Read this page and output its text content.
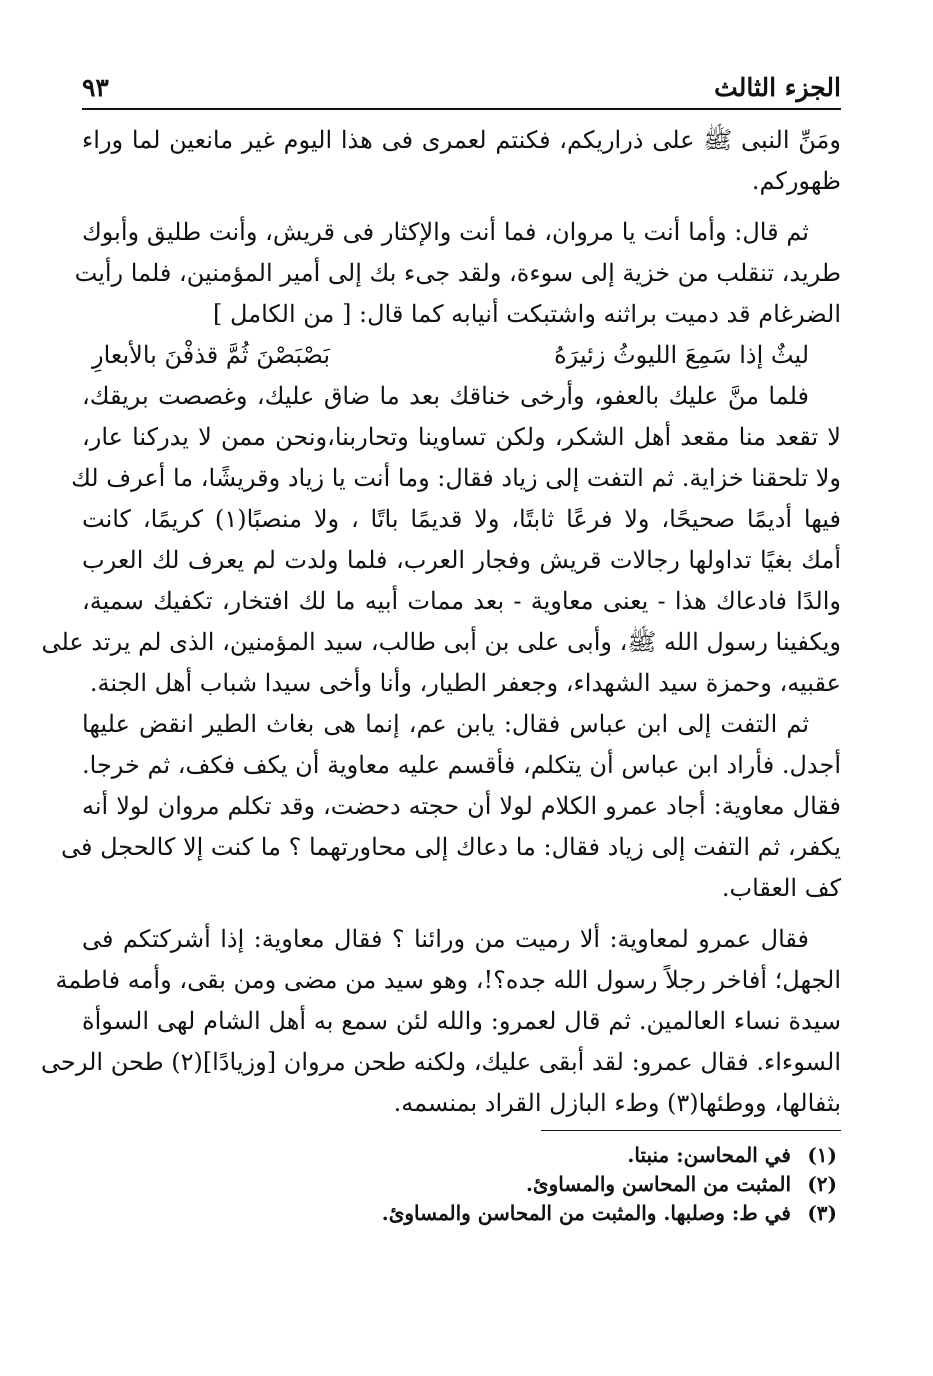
الجزء الثالث
٩٣
ومَنِّ النبى ﷺ على ذراريكم، فكنتم لعمرى فى هذا اليوم غير مانعين لما وراء
ظهوركم.
ثم قال: وأما أنت يا مروان، فما أنت والإكثار فى قريش، وأنت طليق وأبوك
طريد، تنقلب من خزية إلى سوءة، ولقد جىء بك إلى أمير المؤمنين، فلما رأيت
الضرغام قد دميت براثنه واشتبكت أنيابه كما قال: [ من الكامل ]
ليثٌ إذا سَمِعَ الليوثُ زئيرَهُ
بَصْبَصْنَ ثُمَّ قذفْنَ بالأبعارِ
فلما منَّ عليك بالعفو، وأرخى خناقك بعد ما ضاق عليك، وغصصت بريقك،
لا تقعد منا مقعد أهل الشكر، ولكن تساوينا وتحاربنا،ونحن ممن لا يدركنا عار،
ولا تلحقنا خزاية. ثم التفت إلى زياد فقال: وما أنت يا زياد وقريشًا، ما أعرف لك
فيها أديمًا صحيحًا، ولا فرعًا ثابتًا، ولا قديمًا باتًا ، ولا منصبًا(١) كريمًا، كانت
أمك بغيًا تداولها رجالات قريش وفجار العرب، فلما ولدت لم يعرف لك العرب
والدًا فادعاك هذا - يعنى معاوية - بعد ممات أبيه ما لك افتخار، تكفيك سمية،
ويكفينا رسول الله ﷺ، وأبى على بن أبى طالب، سيد المؤمنين، الذى لم يرتد على
عقبيه، وحمزة سيد الشهداء، وجعفر الطيار، وأنا وأخى سيدا شباب أهل الجنة.
ثم التفت إلى ابن عباس فقال: يابن عم، إنما هى بغاث الطير انقض عليها
أجدل. فأراد ابن عباس أن يتكلم، فأقسم عليه معاوية أن يكف فكف، ثم خرجا.
فقال معاوية: أجاد عمرو الكلام لولا أن حجته دحضت، وقد تكلم مروان لولا أنه
يكفر، ثم التفت إلى زياد فقال: ما دعاك إلى محاورتهما ؟ ما كنت إلا كالحجل فى
كف العقاب.
فقال عمرو لمعاوية: ألا رميت من ورائنا ؟ فقال معاوية: إذا أشركتكم فى
الجهل؛ أفاخر رجلاً رسول الله جده؟!، وهو سيد من مضى ومن بقى، وأمه فاطمة
سيدة نساء العالمين. ثم قال لعمرو: والله لئن سمع به أهل الشام لهى السوأة
السوءاء. فقال عمرو: لقد أبقى عليك، ولكنه طحن مروان [وزيادًا](٢) طحن الرحى
بثفالها، ووطئها(٣) وطء البازل القراد بمنسمه.
(١)
في المحاسن: منبتا.
(٢)
المثبت من المحاسن والمساوئ.
(٣)
في ط: وصلبها. والمثبت من المحاسن والمساوئ.
